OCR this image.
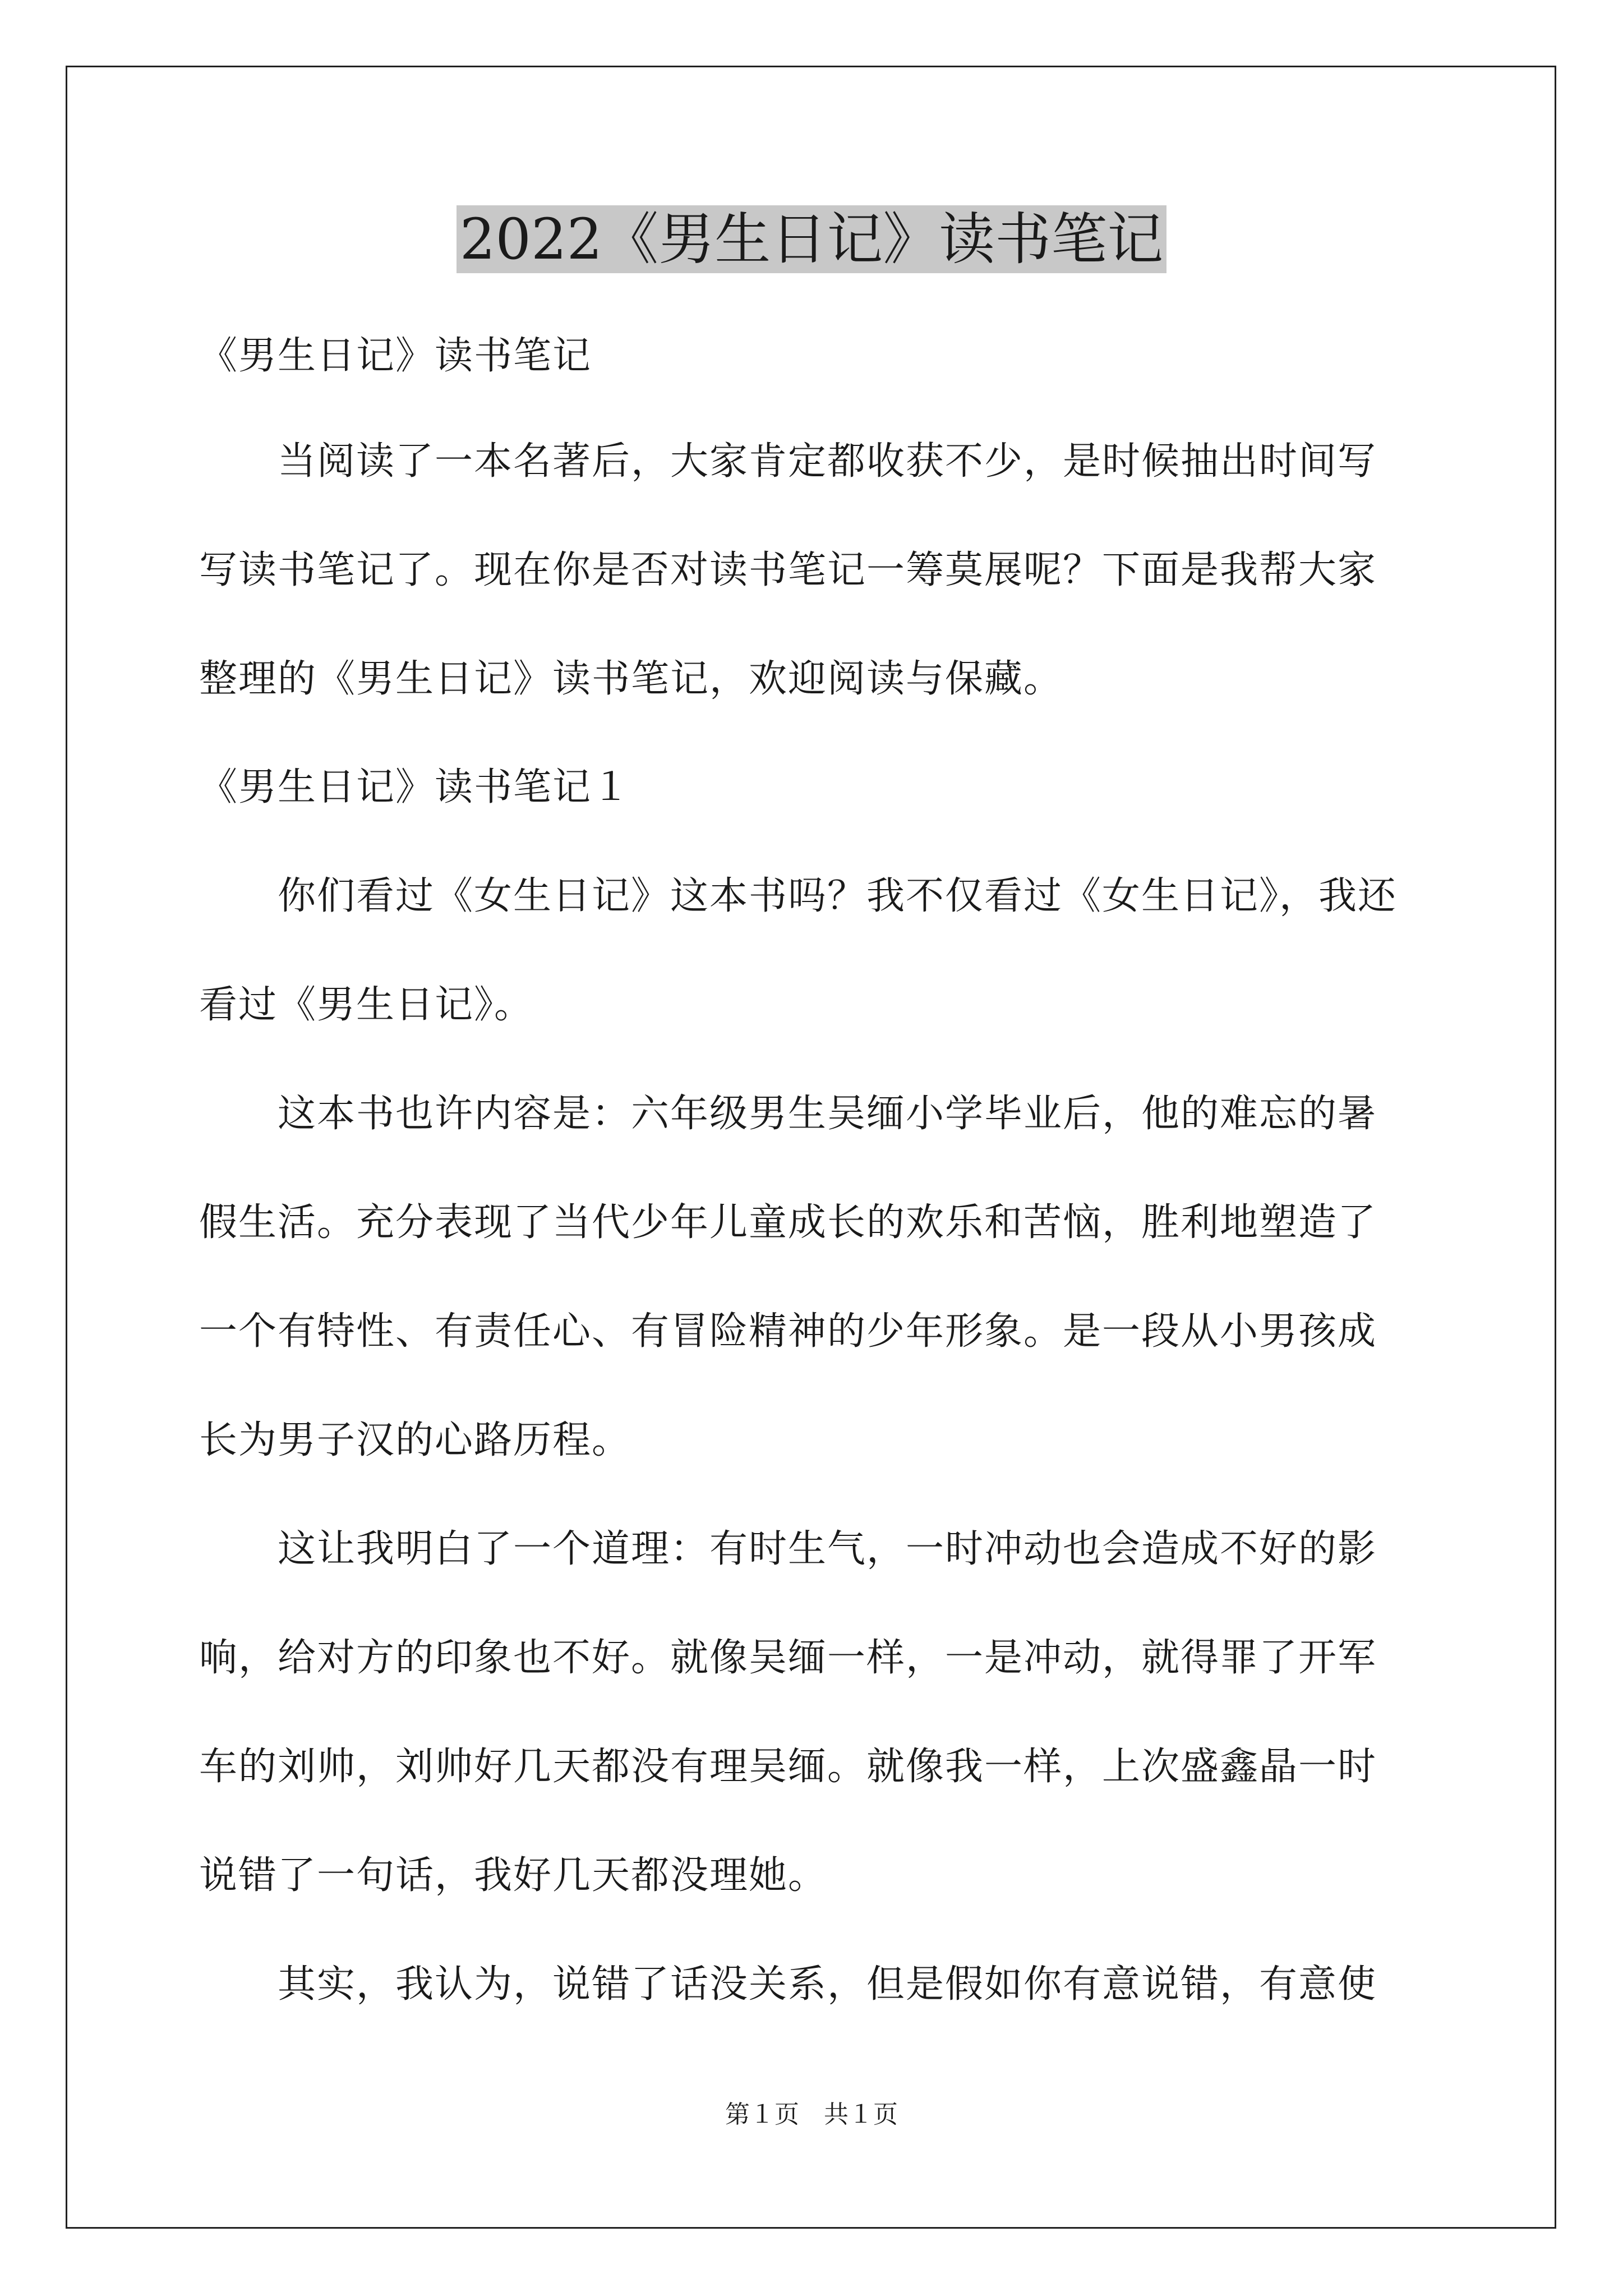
2022《男生日记》读书笔记

《男生日记》读书笔记

　　当阅读了一本名著后，大家肯定都收获不少，是时候抽出时间写

写读书笔记了。现在你是否对读书笔记一筹莫展呢？下面是我帮大家

整理的《男生日记》读书笔记，欢迎阅读与保藏。

《男生日记》读书笔记１

　　你们看过《女生日记》这本书吗？我不仅看过《女生日记》，我还

看过《男生日记》。

　　这本书也许内容是：六年级男生吴缅小学毕业后，他的难忘的暑

假生活。充分表现了当代少年儿童成长的欢乐和苦恼，胜利地塑造了

一个有特性、有责任心、有冒险精神的少年形象。是一段从小男孩成

长为男子汉的心路历程。

　　这让我明白了一个道理：有时生气，一时冲动也会造成不好的影

响，给对方的印象也不好。就像吴缅一样，一是冲动，就得罪了开军

车的刘帅，刘帅好几天都没有理吴缅。就像我一样，上次盛鑫晶一时

说错了一句话，我好几天都没理她。

　　其实，我认为，说错了话没关系，但是假如你有意说错，有意使

第１页　共１页
